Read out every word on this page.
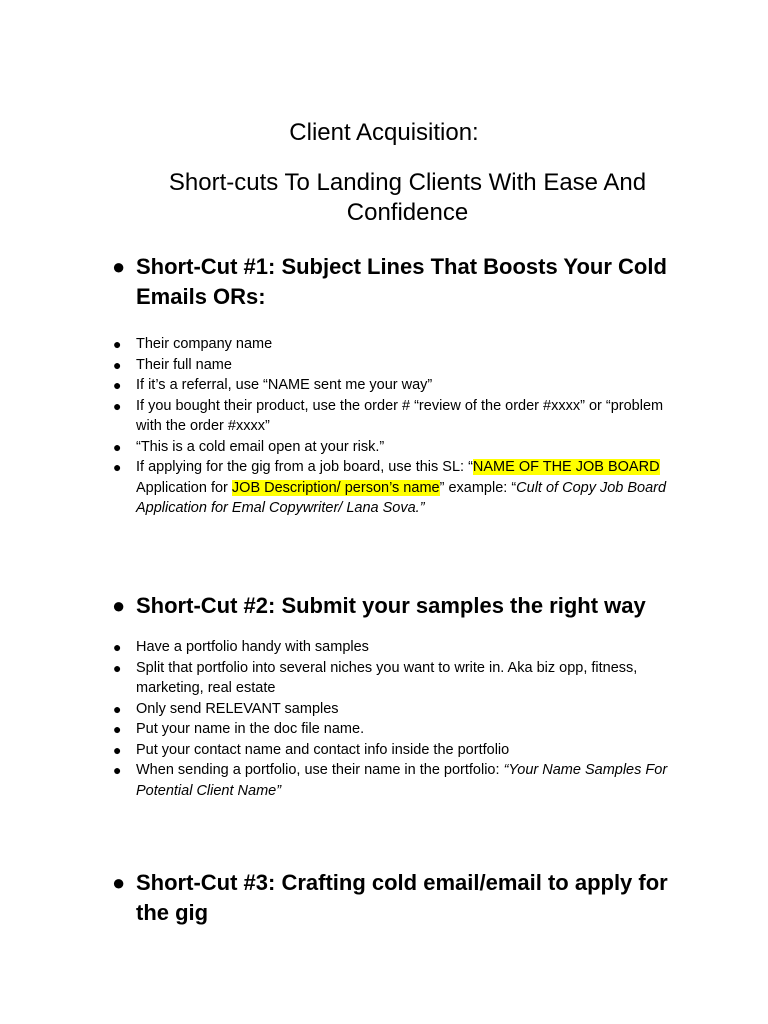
Client Acquisition:
Short-cuts To Landing Clients With Ease And Confidence
● Short-Cut #1: Subject Lines That Boosts Your Cold Emails ORs:
● Their company name
● Their full name
● If it’s a referral, use “NAME sent me your way”
● If you bought their product, use the order # “review of the order #xxxx” or “problem with the order #xxxx”
● “This is a cold email open at your risk.”
● If applying for the gig from a job board, use this SL: “NAME OF THE JOB BOARD Application for JOB Description/ person’s name” example: “Cult of Copy Job Board Application for Emal Copywriter/ Lana Sova.”
● Short-Cut #2: Submit your samples the right way
● Have a portfolio handy with samples
● Split that portfolio into several niches you want to write in. Aka biz opp, fitness, marketing, real estate
● Only send RELEVANT samples
● Put your name in the doc file name.
● Put your contact name and contact info inside the portfolio
● When sending a portfolio, use their name in the portfolio: “Your Name Samples For Potential Client Name”
● Short-Cut #3: Crafting cold email/email to apply for the gig
